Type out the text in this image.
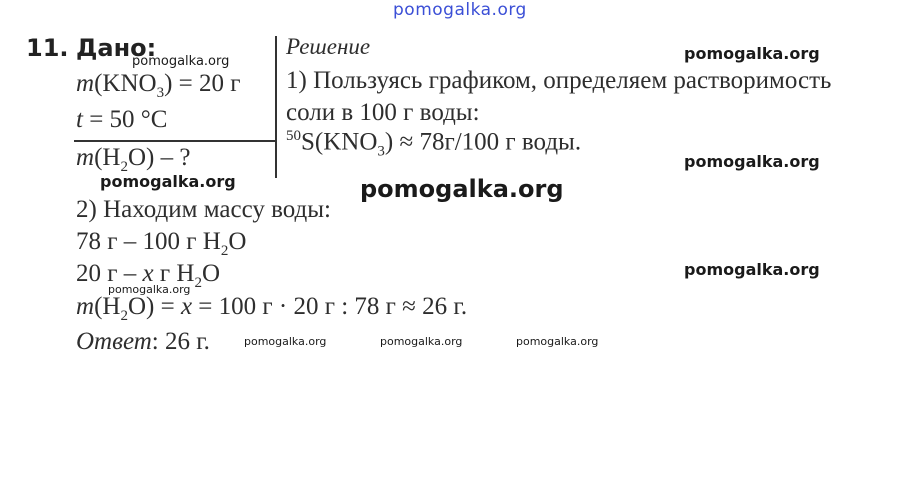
pomogalka.org
11. Дано:
$m(KNO_3) = 20$ г
t = 50 °С
$m(H_2O)$ – ?
Решение
1) Пользуясь графиком, определяем растворимость
соли в 100 г воды:
$^{50}S(KNO_3) \approx 78г/100$ г воды.
2) Находим массу воды:
78 г – 100 г $H_2O$
20 г – x г $H_2O$
$m(H_2O) = x = 100$ г · 20 г : 78 г ≈ 26 г.
Ответ: 26 г.
pomogalka.org	pomogalka.org
pomogalka.org
pomogalka.org	pomogalka.org
pomogalka.org
pomogalka.org
pomogalka.org	pomogalka.org	pomogalka.org
